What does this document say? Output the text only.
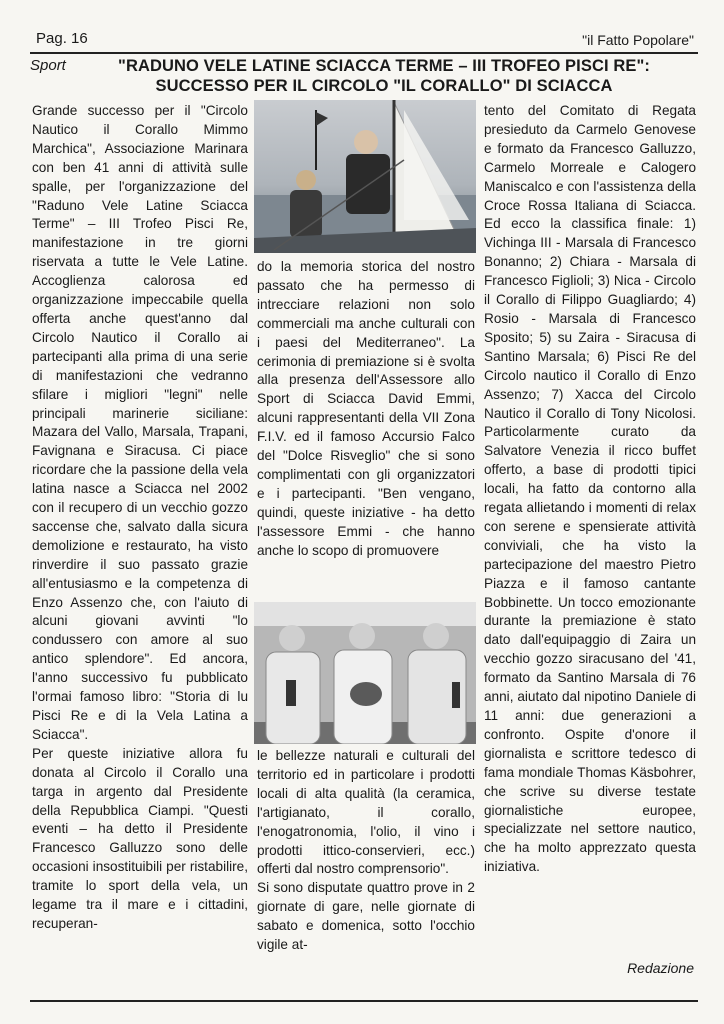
Pag. 16	"il Fatto Popolare"
Sport	"RADUNO VELE LATINE SCIACCA TERME – III TROFEO PISCI RE":
SUCCESSO PER IL CIRCOLO "IL CORALLO" DI SCIACCA

Grande successo per il "Circolo Nautico il Corallo Mimmo Marchica", Associazione Marinara con ben 41 anni di attività sulle spalle, per l'organizzazione del "Raduno Vele Latine Sciacca Terme" – III Trofeo Pisci Re, manifestazione in tre giorni riservata a tutte le Vele Latine. Accoglienza calorosa ed organizzazione impeccabile quella offerta anche quest'anno dal Circolo Nautico il Corallo ai partecipanti alla prima di una serie di manifestazioni che vedranno sfilare i migliori "legni" nelle principali marinerie siciliane: Mazara del Vallo, Marsala, Trapani, Favignana e Siracusa. Ci piace ricordare che la passione della vela latina nasce a Sciacca nel 2002 con il recupero di un vecchio gozzo saccense che, salvato dalla sicura demolizione e restaurato, ha visto rinverdire il suo passato grazie all'entusiasmo e la competenza di Enzo Assenzo che, con l'aiuto di alcuni giovani avvinti "lo condussero con amore al suo antico splendore". Ed ancora, l'anno successivo fu pubblicato l'ormai famoso libro: "Storia di lu Pisci Re e di la Vela Latina a Sciacca".

Per queste iniziative allora fu donata al Circolo il Corallo una targa in argento dal Presidente della Repubblica Ciampi. "Questi eventi – ha detto il Presidente Francesco Galluzzo sono delle occasioni insostituibili per ristabilire, tramite lo sport della vela, un legame tra il mare e i cittadini, recuperan-

do la memoria storica del nostro passato che ha permesso di intrecciare relazioni non solo commerciali ma anche culturali con i paesi del Mediterraneo". La cerimonia di premiazione si è svolta alla presenza dell'Assessore allo Sport di Sciacca David Emmi, alcuni rappresentanti della VII Zona F.I.V. ed il famoso Accursio Falco del "Dolce Risveglio" che si sono complimentati con gli organizzatori e i partecipanti. "Ben vengano, quindi, queste iniziative - ha detto l'assessore Emmi - che hanno anche lo scopo di promuovere

le bellezze naturali e culturali del territorio ed in particolare i prodotti locali di alta qualità (la ceramica, l'artigianato, il corallo, l'enogatronomia, l'olio, il vino i prodotti ittico-conservieri, ecc.) offerti dal nostro comprensorio".

Si sono disputate quattro prove in 2 giornate di gare, nelle giornate di sabato e domenica, sotto l'occhio vigile at-

tento del Comitato di Regata presieduto da Carmelo Genovese e formato da Francesco Galluzzo, Carmelo Morreale e Calogero Maniscalco e con l'assistenza della Croce Rossa Italiana di Sciacca. Ed ecco la classifica finale: 1) Vichinga III - Marsala di Francesco Bonanno; 2) Chiara - Marsala di Francesco Figlioli; 3) Nica - Circolo il Corallo di Filippo Guagliardo; 4) Rosio - Marsala di Francesco Sposito; 5) su Zaira - Siracusa di Santino Marsala; 6) Pisci Re del Circolo nautico il Corallo di Enzo Assenzo; 7) Xacca del Circolo Nautico il Corallo di Tony Nicolosi. Particolarmente curato da Salvatore Venezia il ricco buffet offerto, a base di prodotti tipici locali, ha fatto da contorno alla regata allietando i momenti di relax con serene e spensierate attività conviviali, che ha visto la partecipazione del maestro Pietro Piazza e il famoso cantante Bobbinette. Un tocco emozionante durante la premiazione è stato dato dall'equipaggio di Zaira un vecchio gozzo siracusano del '41, formato da Santino Marsala di 76 anni, aiutato dal nipotino Daniele di 11 anni: due generazioni a confronto. Ospite d'onore il giornalista e scrittore tedesco di fama mondiale Thomas Käsbohrer, che scrive su diverse testate giornalistiche europee, specializzate nel settore nautico, che ha molto apprezzato questa iniziativa.

Redazione
